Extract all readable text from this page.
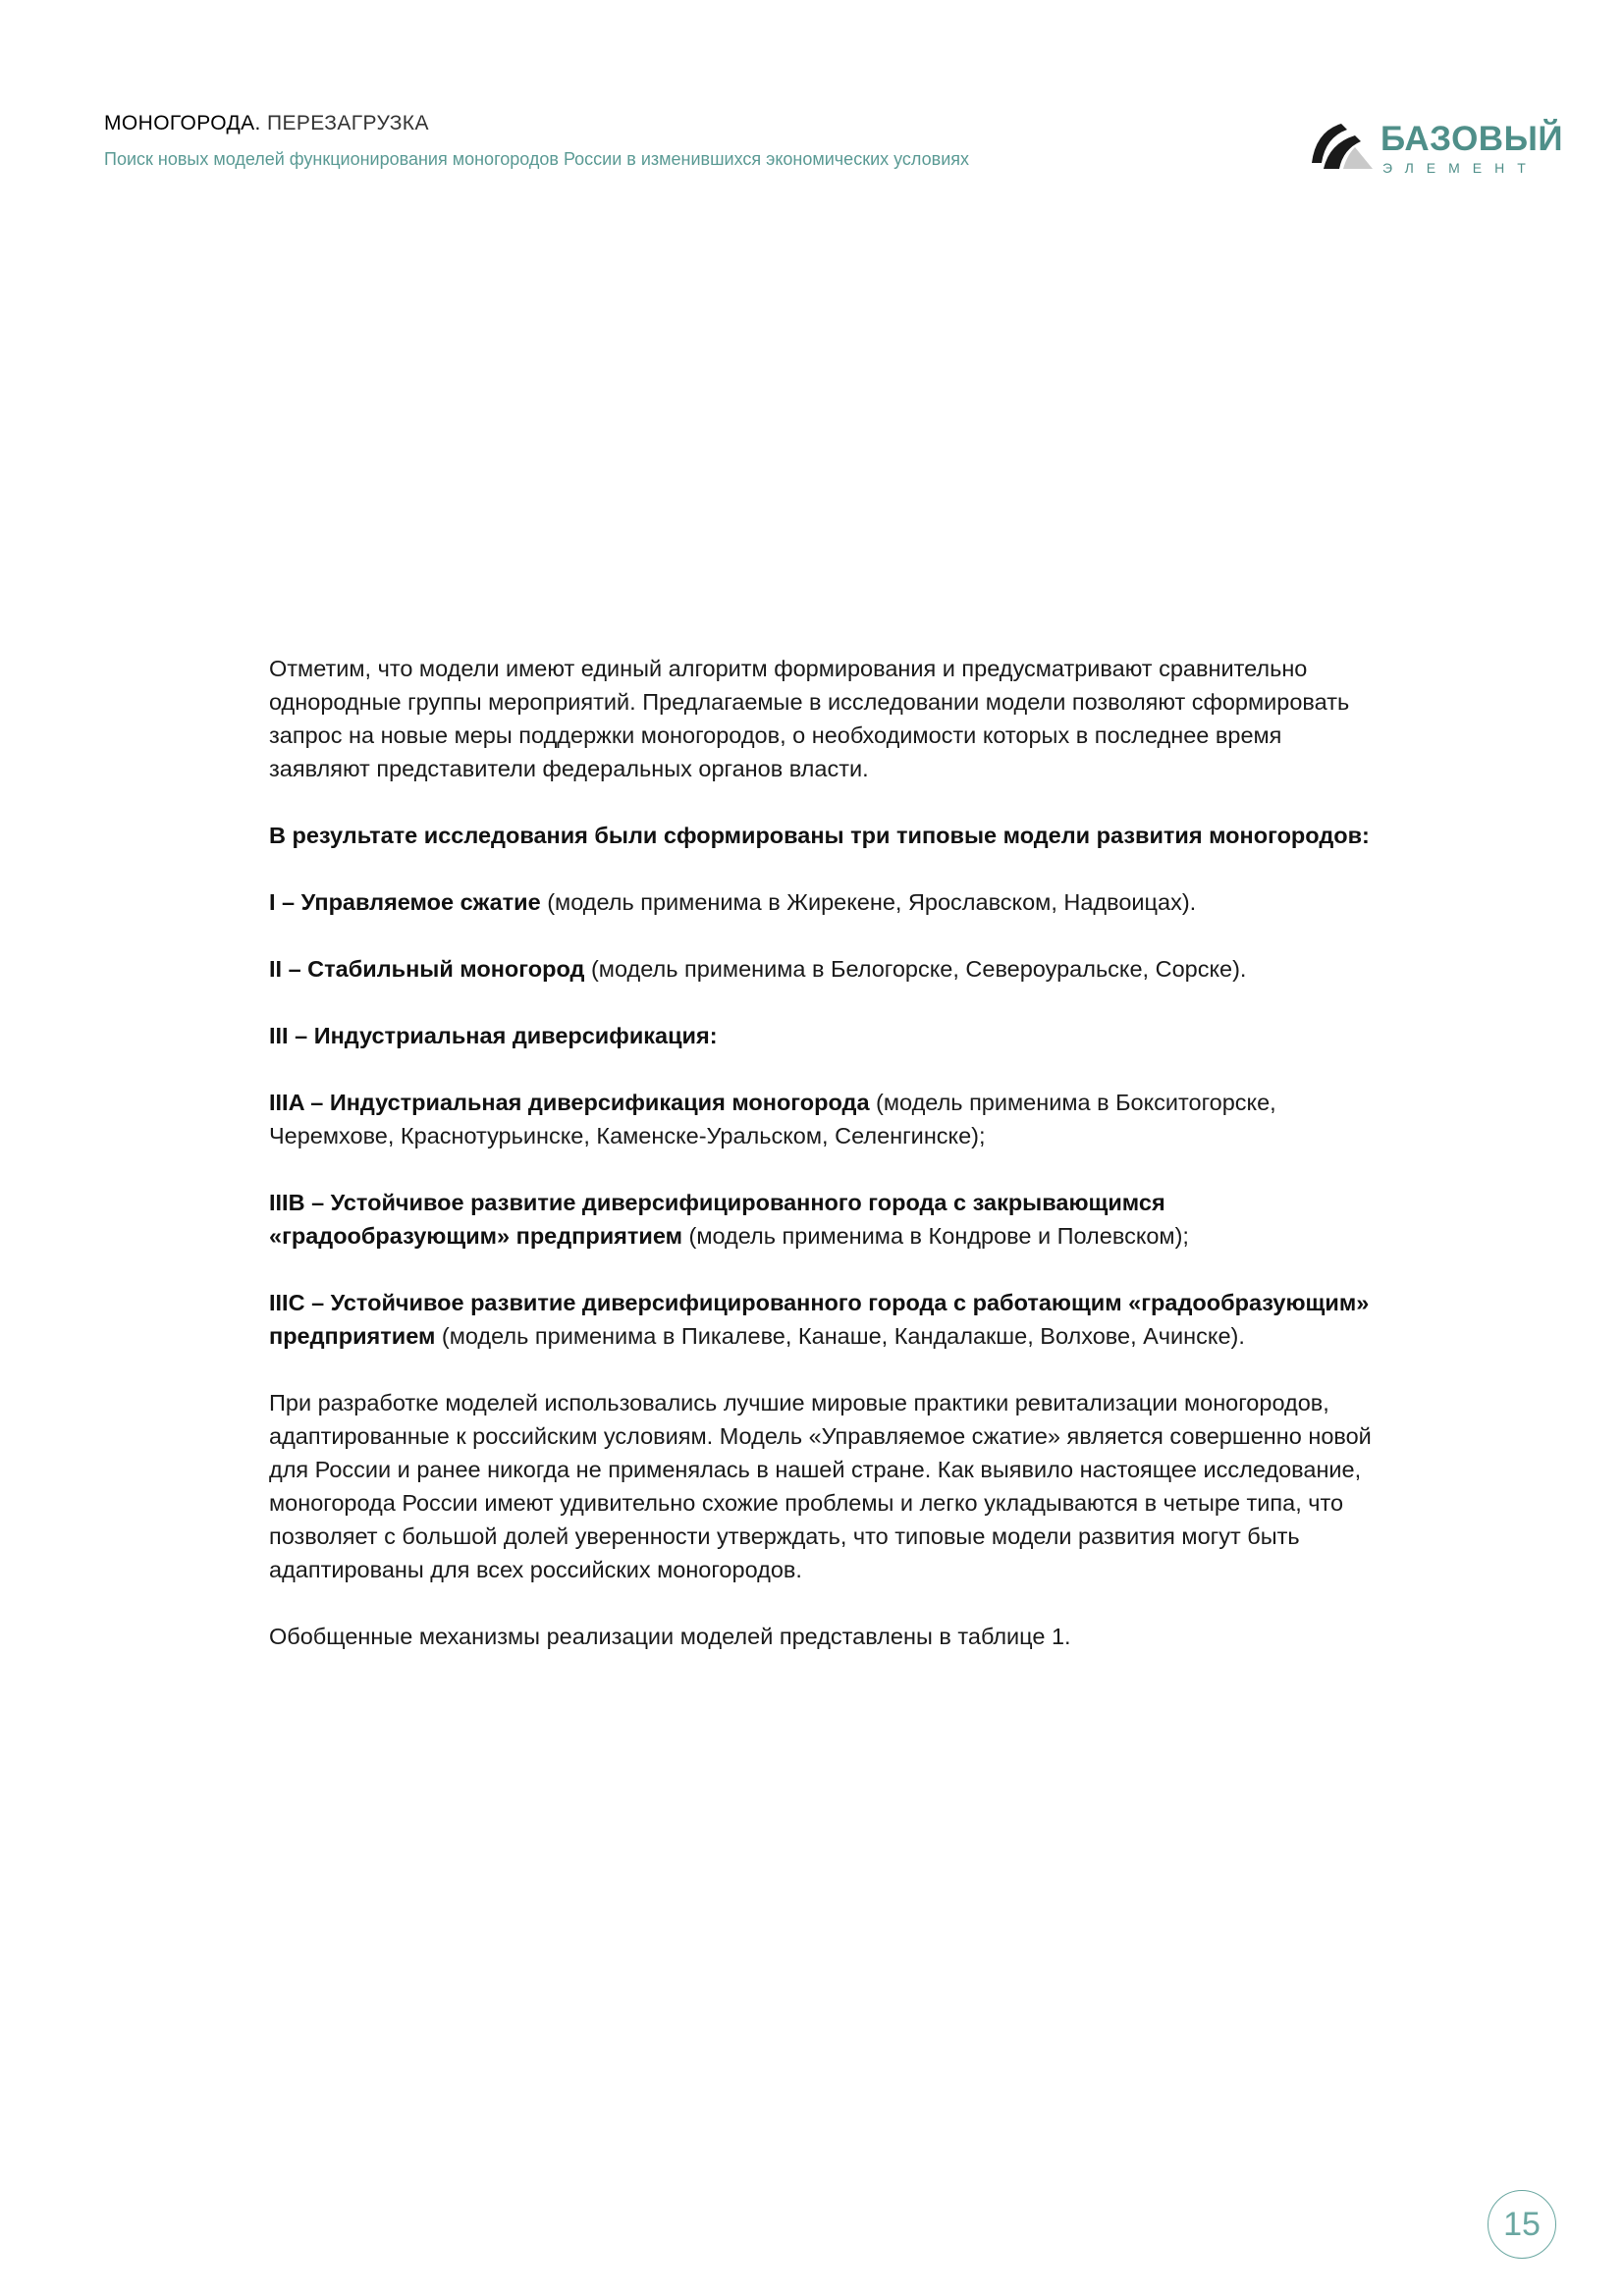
МОНОГОРОДА. ПЕРЕЗАГРУЗКА
Поиск новых моделей функционирования моногородов России в изменившихся экономических условиях
БАЗОВЫЙ
ЭЛЕМЕНТ

Отметим, что модели имеют единый алгоритм формирования и предусматривают сравнительно однородные группы мероприятий. Предлагаемые в исследовании модели позволяют сформировать запрос на новые меры поддержки моногородов, о необходимости которых в последнее время заявляют представители федеральных органов власти.

В результате исследования были сформированы три типовые модели развития моногородов:

I – Управляемое сжатие (модель применима в Жирекене, Ярославском, Надвоицах).

II – Стабильный моногород (модель применима в Белогорске, Североуральске, Сорске).

III – Индустриальная диверсификация:

IIIA – Индустриальная диверсификация моногорода (модель применима в Бокситогорске, Черемхове, Краснотурьинске, Каменске-Уральском, Селенгинске);

IIIB – Устойчивое развитие диверсифицированного города с закрывающимся «градообразующим» предприятием (модель применима в Кондрове и Полевском);

IIIC – Устойчивое развитие диверсифицированного города с работающим «градообразующим» предприятием (модель применима в Пикалеве, Канаше, Кандалакше, Волхове, Ачинске).

При разработке моделей использовались лучшие мировые практики ревитализации моногородов, адаптированные к российским условиям. Модель «Управляемое сжатие» является совершенно новой для России и ранее никогда не применялась в нашей стране. Как выявило настоящее исследование, моногорода России имеют удивительно схожие проблемы и легко укладываются в четыре типа, что позволяет с большой долей уверенности утверждать, что типовые модели развития могут быть адаптированы для всех российских моногородов.

Обобщенные механизмы реализации моделей представлены в таблице 1.

15
